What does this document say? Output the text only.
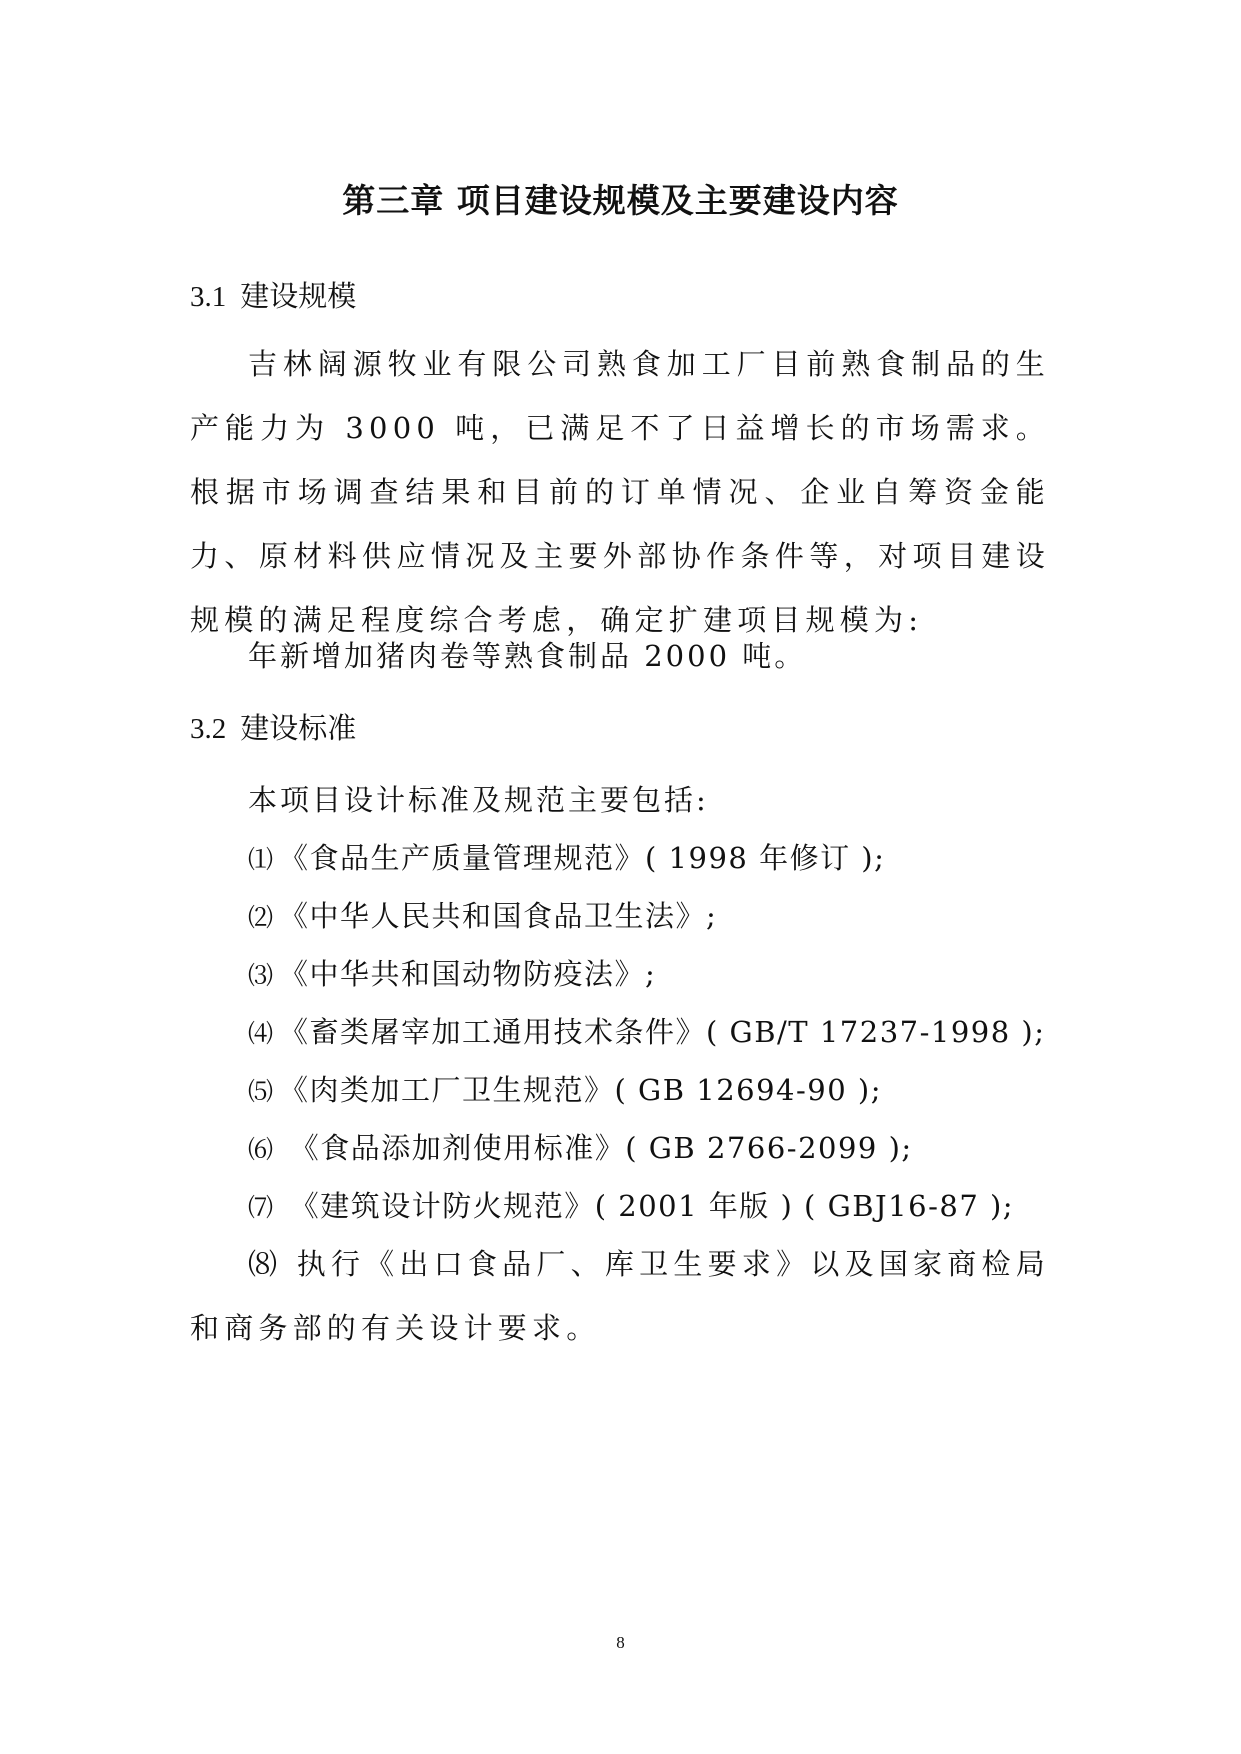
第三章 项目建设规模及主要建设内容
3.1 建设规模
吉林阔源牧业有限公司熟食加工厂目前熟食制品的生产能力为 3000 吨，已满足不了日益增长的市场需求。根据市场调查结果和目前的订单情况、企业自筹资金能力、原材料供应情况及主要外部协作条件等，对项目建设规模的满足程度综合考虑，确定扩建项目规模为:
年新增加猪肉卷等熟食制品 2000 吨。
3.2 建设标准
本项目设计标准及规范主要包括:
⑴ 《食品生产质量管理规范》( 1998 年修订 );
⑵ 《中华人民共和国食品卫生法》;
⑶ 《中华共和国动物防疫法》;
⑷ 《畜类屠宰加工通用技术条件》( GB/T 17237-1998 );
⑸ 《肉类加工厂卫生规范》( GB 12694-90 );
⑹ 《食品添加剂使用标准》( GB 2766-2099 );
⑺ 《建筑设计防火规范》( 2001 年版 ) ( GBJ16-87 );
⑻ 执行《出口食品厂、库卫生要求》以及国家商检局和商务部的有关设计要求。
8
